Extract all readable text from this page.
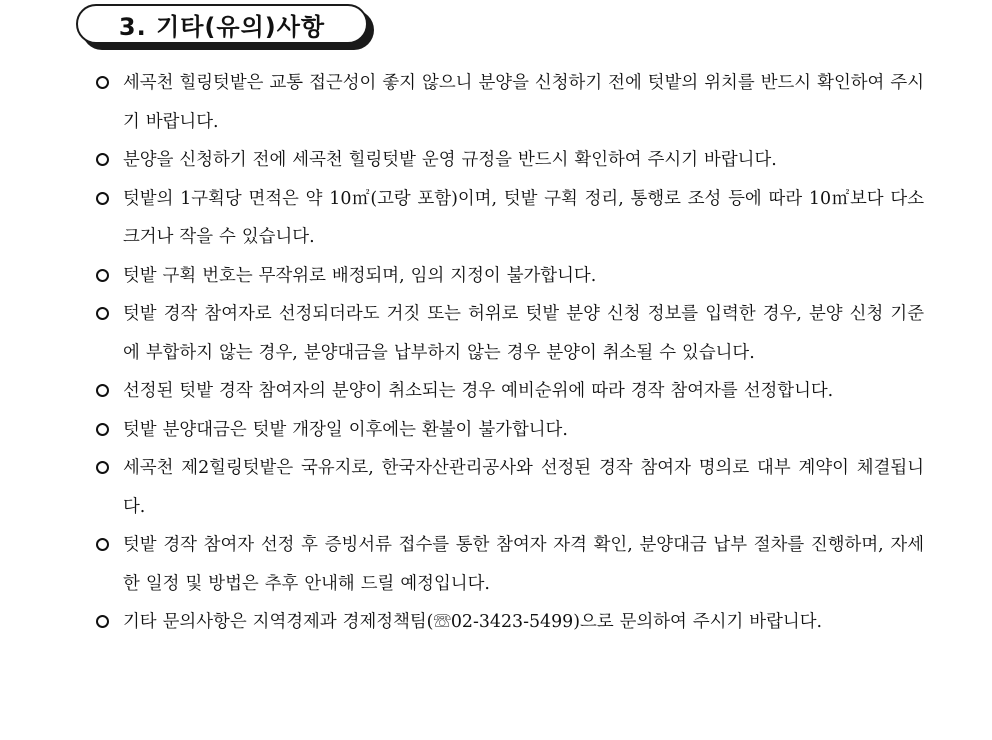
3. 기타(유의)사항
세곡천 힐링텃밭은 교통 접근성이 좋지 않으니 분양을 신청하기 전에 텃밭의 위치를 반드시 확인하여 주시기 바랍니다.
분양을 신청하기 전에 세곡천 힐링텃밭 운영 규정을 반드시 확인하여 주시기 바랍니다.
텃밭의 1구획당 면적은 약 10㎡(고랑 포함)이며, 텃밭 구획 정리, 통행로 조성 등에 따라 10㎡보다 다소 크거나 작을 수 있습니다.
텃밭 구획 번호는 무작위로 배정되며, 임의 지정이 불가합니다.
텃밭 경작 참여자로 선정되더라도 거짓 또는 허위로 텃밭 분양 신청 정보를 입력한 경우, 분양 신청 기준에 부합하지 않는 경우, 분양대금을 납부하지 않는 경우 분양이 취소될 수 있습니다.
선정된 텃밭 경작 참여자의 분양이 취소되는 경우 예비순위에 따라 경작 참여자를 선정합니다.
텃밭 분양대금은 텃밭 개장일 이후에는 환불이 불가합니다.
세곡천 제2힐링텃밭은 국유지로, 한국자산관리공사와 선정된 경작 참여자 명의로 대부 계약이 체결됩니다.
텃밭 경작 참여자 선정 후 증빙서류 접수를 통한 참여자 자격 확인, 분양대금 납부 절차를 진행하며, 자세한 일정 및 방법은 추후 안내해 드릴 예정입니다.
기타 문의사항은 지역경제과 경제정책팀(☏02-3423-5499)으로 문의하여 주시기 바랍니다.
